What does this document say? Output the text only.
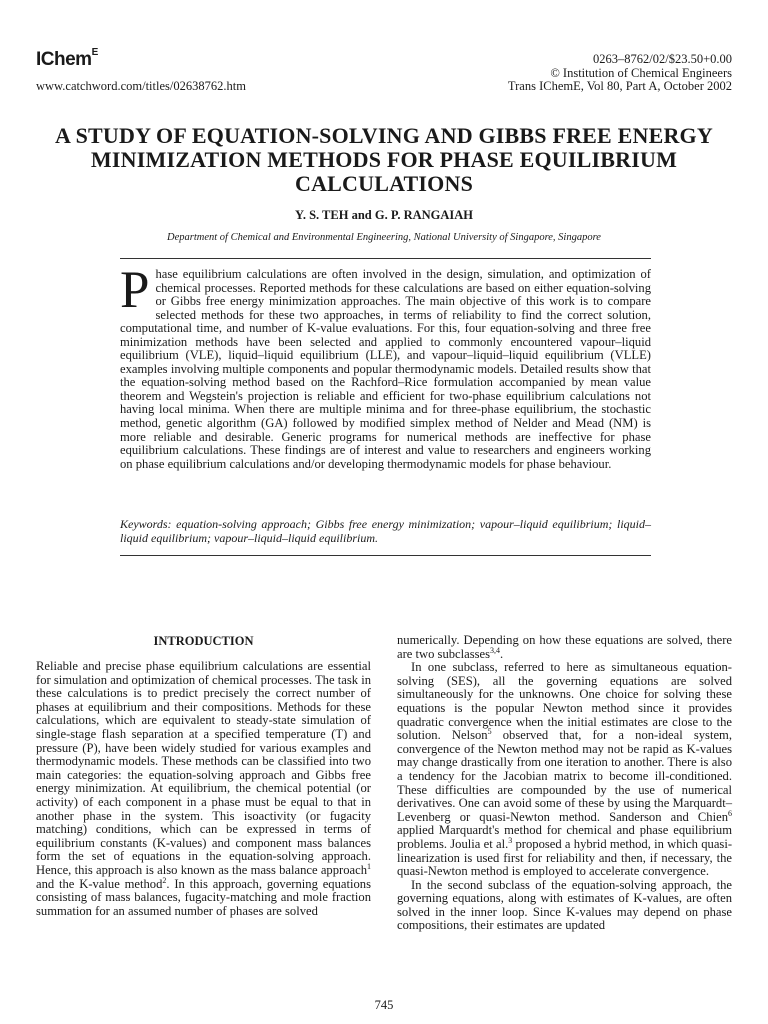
IChem$^E$
www.catchword.com/titles/02638762.htm
0263–8762/02/$23.50+0.00
© Institution of Chemical Engineers
Trans IChemE, Vol 80, Part A, October 2002
A STUDY OF EQUATION-SOLVING AND GIBBS FREE ENERGY MINIMIZATION METHODS FOR PHASE EQUILIBRIUM CALCULATIONS
Y. S. TEH and G. P. RANGAIAH
Department of Chemical and Environmental Engineering, National University of Singapore, Singapore
Phase equilibrium calculations are often involved in the design, simulation, and optimization of chemical processes. Reported methods for these calculations are based on either equation-solving or Gibbs free energy minimization approaches. The main objective of this work is to compare selected methods for these two approaches, in terms of reliability to find the correct solution, computational time, and number of K-value evaluations. For this, four equation-solving and three free minimization methods have been selected and applied to commonly encountered vapour–liquid equilibrium (VLE), liquid–liquid equilibrium (LLE), and vapour–liquid–liquid equilibrium (VLLE) examples involving multiple components and popular thermodynamic models. Detailed results show that the equation-solving method based on the Rachford–Rice formulation accompanied by mean value theorem and Wegstein's projection is reliable and efficient for two-phase equilibrium calculations not having local minima. When there are multiple minima and for three-phase equilibrium, the stochastic method, genetic algorithm (GA) followed by modified simplex method of Nelder and Mead (NM) is more reliable and desirable. Generic programs for numerical methods are ineffective for phase equilibrium calculations. These findings are of interest and value to researchers and engineers working on phase equilibrium calculations and/or developing thermodynamic models for phase behaviour.
Keywords: equation-solving approach; Gibbs free energy minimization; vapour–liquid equilibrium; liquid–liquid equilibrium; vapour–liquid–liquid equilibrium.
INTRODUCTION

Reliable and precise phase equilibrium calculations are essential for simulation and optimization of chemical processes. The task in these calculations is to predict precisely the correct number of phases at equilibrium and their compositions. Methods for these calculations, which are equivalent to steady-state simulation of single-stage flash separation at a specified temperature (T) and pressure (P), have been widely studied for various examples and thermodynamic models. These methods can be classified into two main categories: the equation-solving approach and Gibbs free energy minimization. At equilibrium, the chemical potential (or activity) of each component in a phase must be equal to that in another phase in the system. This isoactivity (or fugacity matching) conditions, which can be expressed in terms of equilibrium constants (K-values) and component mass balances form the set of equations in the equation-solving approach. Hence, this approach is also known as the mass balance approach$^1$ and the K-value method$^2$. In this approach, governing equations consisting of mass balances, fugacity-matching and mole fraction summation for an assumed number of phases are solved

numerically. Depending on how these equations are solved, there are two subclasses$^{3,4}$.

In one subclass, referred to here as simultaneous equation-solving (SES), all the governing equations are solved simultaneously for the unknowns. One choice for solving these equations is the popular Newton method since it provides quadratic convergence when the initial estimates are close to the solution. Nelson$^5$ observed that, for a non-ideal system, convergence of the Newton method may not be rapid as K-values may change drastically from one iteration to another. There is also a tendency for the Jacobian matrix to become ill-conditioned. These difficulties are compounded by the use of numerical derivatives. One can avoid some of these by using the Marquardt–Levenberg or quasi-Newton method. Sanderson and Chien$^6$ applied Marquardt's method for chemical and phase equilibrium problems. Joulia et al.$^3$ proposed a hybrid method, in which quasi-linearization is used first for reliability and then, if necessary, the quasi-Newton method is employed to accelerate convergence.

In the second subclass of the equation-solving approach, the governing equations, along with estimates of K-values, are often solved in the inner loop. Since K-values may depend on phase compositions, their estimates are updated

745
